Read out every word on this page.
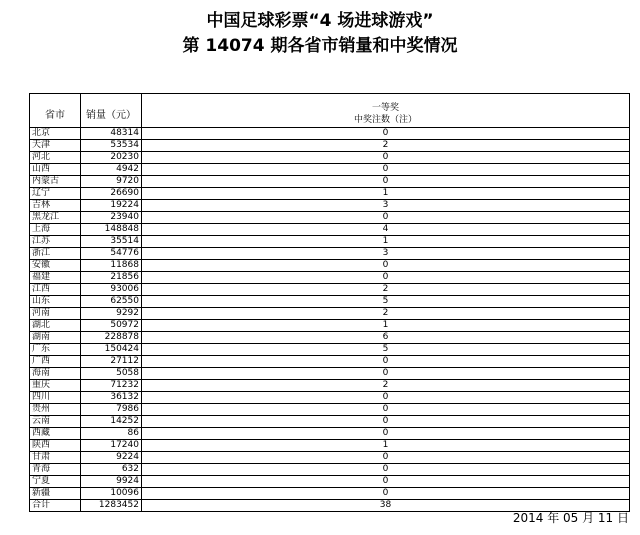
中国足球彩票“4 场进球游戏”
第 14074 期各省市销量和中奖情况
省市	销量（元）	一等奖
中奖注数（注）

北京	48314	0
天津	53534	2
河北	20230	0
山西	4942	0
内蒙古	9720	0
辽宁	26690	1
吉林	19224	3
黑龙江	23940	0
上海	148848	4
江苏	35514	1
浙江	54776	3
安徽	11868	0
福建	21856	0
江西	93006	2
山东	62550	5
河南	9292	2
湖北	50972	1
湖南	228878	6
广东	150424	5
广西	27112	0
海南	5058	0
重庆	71232	2
四川	36132	0
贵州	7986	0
云南	14252	0
西藏	86	0
陕西	17240	1
甘肃	9224	0
青海	632	0
宁夏	9924	0
新疆	10096	0
合计	1283452	38
2014 年 05 月 11 日
